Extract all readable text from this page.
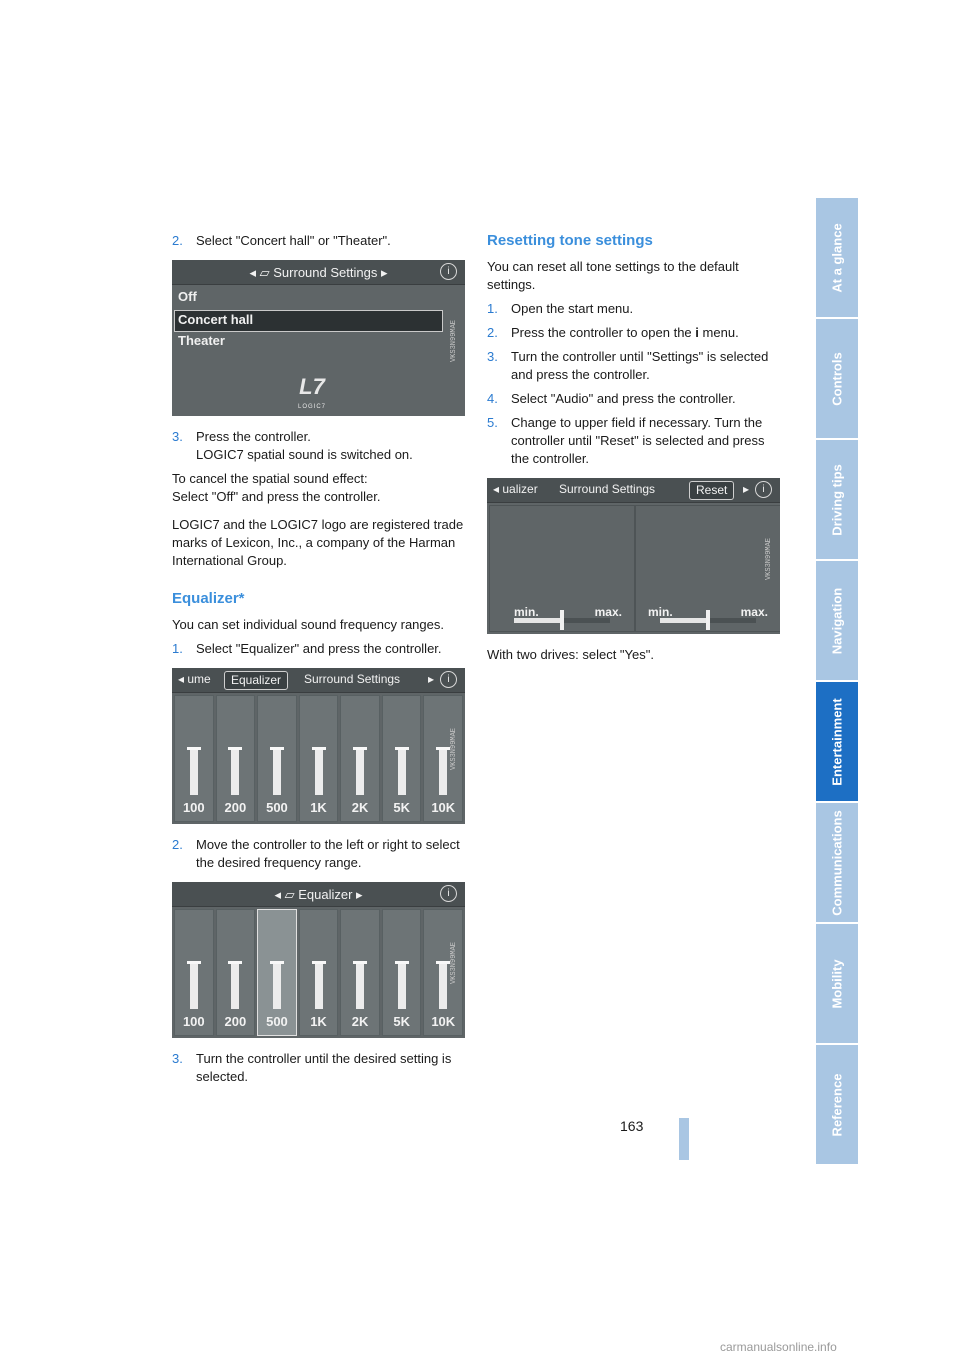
2.	Select "Concert hall" or "Theater".
◂ ▱ Surround Settings ▸	i
Off
Concert hall
Theater
L7
LOGIC7
VKS3N99MAE
3.	Press the controller.
LOGIC7 spatial sound is switched on.
To cancel the spatial sound effect:
Select "Off" and press the controller.
LOGIC7 and the LOGIC7 logo are registered trade marks of Lexicon, Inc., a company of the Harman International Group.
Equalizer*
You can set individual sound frequency ranges.
1.	Select "Equalizer" and press the controller.
◂ ume	Equalizer	Surround Settings	▸	i
100	200	500	1K	2K	5K	10K
VKS3N99MAE
2.	Move the controller to the left or right to select the desired frequency range.
◂ ▱ Equalizer ▸	i
100	200	500	1K	2K	5K	10K
VKS3N99MAE
3.	Turn the controller until the desired setting is selected.
Resetting tone settings
You can reset all tone settings to the default settings.
1.	Open the start menu.
2.	Press the controller to open the i menu.
3.	Turn the controller until "Settings" is selected and press the controller.
4.	Select "Audio" and press the controller.
5.	Change to upper field if necessary. Turn the controller until "Reset" is selected and press the controller.
◂ ualizer	Surround Settings	Reset	▸	i
min.	max. min.	max.
VKS3N99MAE
With two drives: select "Yes".
At a glance
Controls
Driving tips
Navigation
Entertainment
Communications
Mobility
Reference
163
carmanualsonline.info
